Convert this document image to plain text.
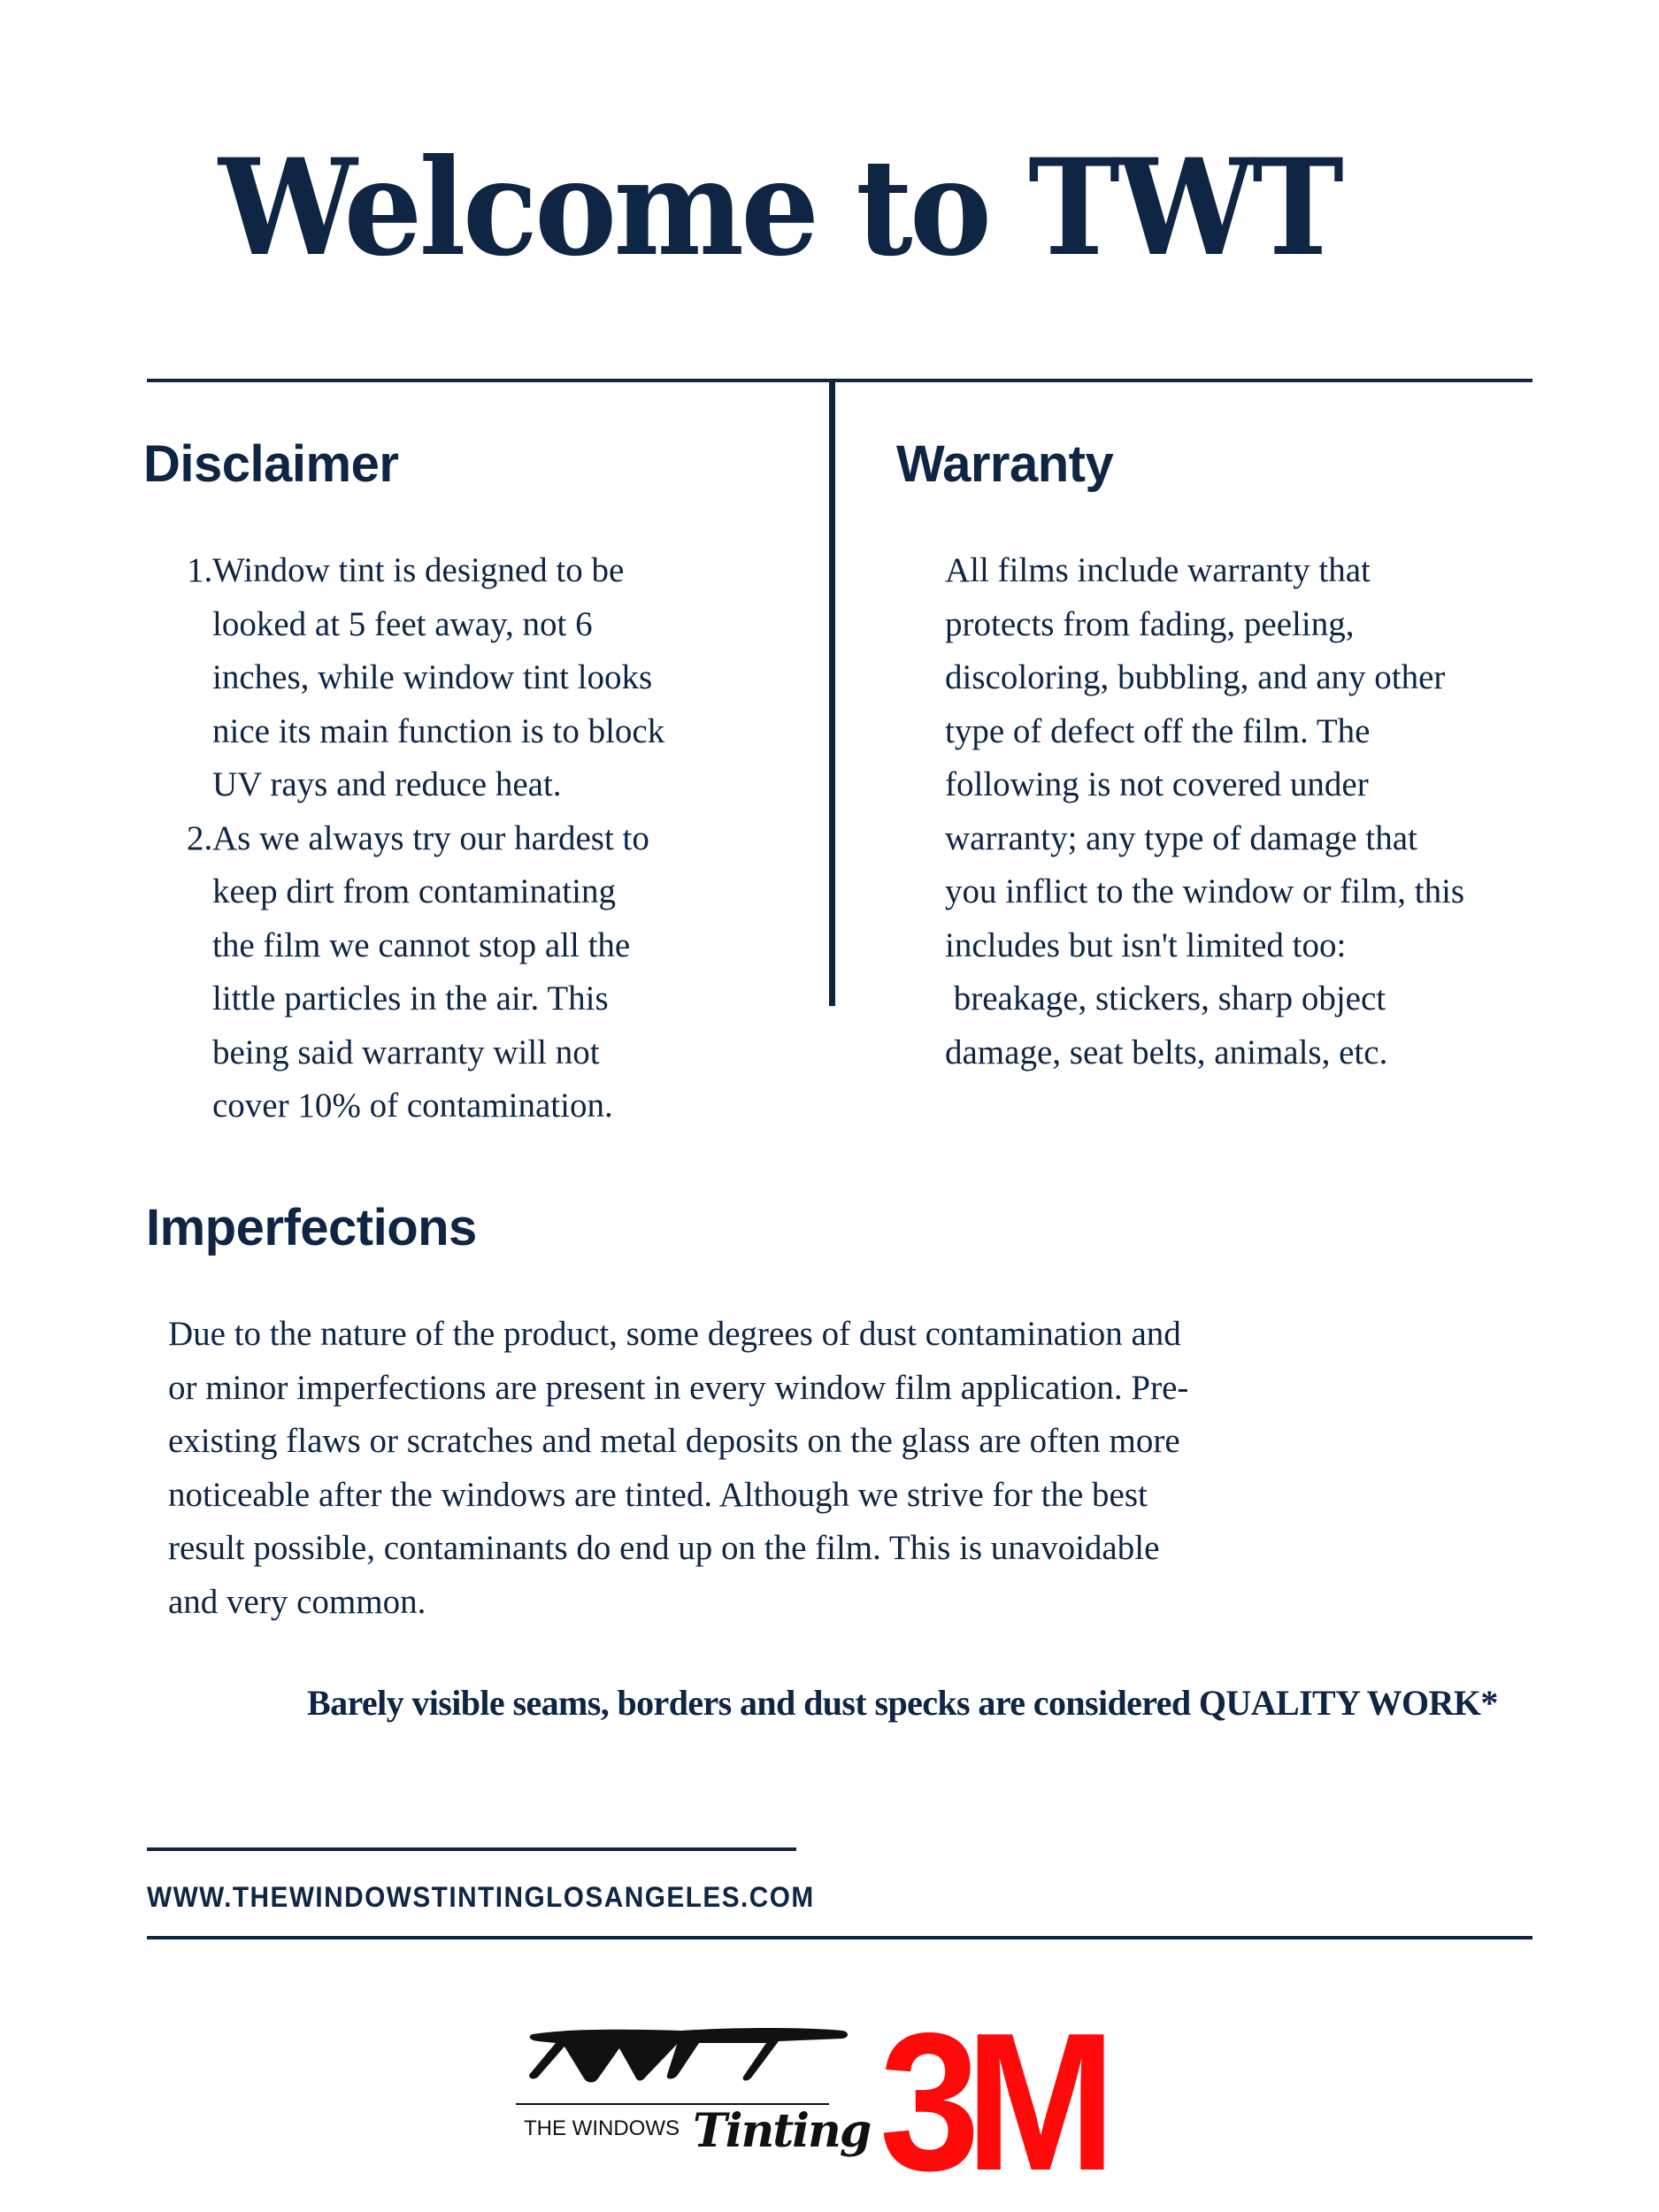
Welcome to TWT
Disclaimer
1. Window tint is designed to be
looked at 5 feet away, not 6
inches, while window tint looks
nice its main function is to block
UV rays and reduce heat.
2. As we always try our hardest to
keep dirt from contaminating
the film we cannot stop all the
little particles in the air. This
being said warranty will not
cover 10% of contamination.
Warranty
All films include warranty that
protects from fading, peeling,
discoloring, bubbling, and any other
type of defect off the film. The
following is not covered under
warranty; any type of damage that
you inflict to the window or film, this
includes but isn't limited too:
breakage, stickers, sharp object
damage, seat belts, animals, etc.
Imperfections
Due to the nature of the product, some degrees of dust contamination and
or minor imperfections are present in every window film application. Pre-
existing flaws or scratches and metal deposits on the glass are often more
noticeable after the windows are tinted. Although we strive for the best
result possible, contaminants do end up on the film. This is unavoidable
and very common.
Barely visible seams, borders and dust specks are considered QUALITY WORK*
WWW.THEWINDOWSTINTINGLOSANGELES.COM
THE WINDOWS Tinting 3M
